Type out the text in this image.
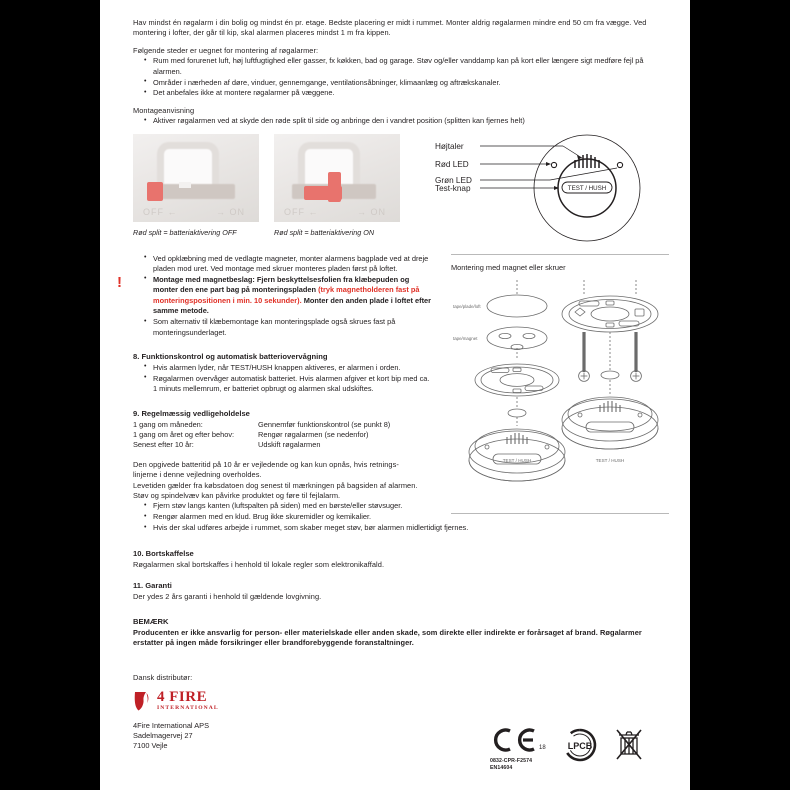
Hav mindst én røgalarm i din bolig og mindst én pr. etage. Bedste placering er midt i rummet. Monter aldrig røgalarmen mindre end 50 cm fra vægge. Ved montering i lofter, der går til kip, skal alarmen placeres mindst 1 m fra kippen.

Følgende steder er uegnet for montering af røgalarmer:

• Rum med forurenet luft, høj luftfugtighed eller gasser, fx køkken, bad og garage. Støv og/eller vanddamp kan på kort eller længere sigt medføre fejl på alarmen.
• Områder i nærheden af døre, vinduer, gennemgange, ventilationsåbninger, klimaanlæg og aftrækskanaler.
• Det anbefales ikke at montere røgalarmer på væggene.

Montageanvisning

• Aktiver røgalarmen ved at skyde den røde split til side og anbringe den i vandret position (splitten kan fjernes helt)
OFF ←	→ ON
Rød split = batteriaktivering OFF
OFF ←	→ ON
Rød split = batteriaktivering ON
TEST / HUSH
Højtaler
Rød LED
Grøn LED
Test-knap
!
• Ved opklæbning med de vedlagte magneter, monter alarmens bagplade ved at dreje pladen mod uret. Ved montage med skruer monteres pladen først på loftet.
• Montage med magnetbeslag: Fjern beskyttelsesfolien fra klæbepuden og monter den ene part bag på monteringspladen (tryk magnetholderen fast på monteringspositionen i min. 10 sekunder). Monter den anden plade i loftet efter samme metode.
• Som alternativ til klæbemontage kan monteringsplade også skrues fast på monteringsunderlaget.

8. Funktionskontrol og automatisk batteriovervågning

• Hvis alarmen lyder, når TEST/HUSH knappen aktiveres, er alarmen i orden.
• Røgalarmen overvåger automatisk batteriet. Hvis alarmen afgiver et kort bip med ca. 1 minuts mellemrum, er batteriet opbrugt og alarmen skal udskiftes.

9. Regelmæssig vedligeholdelse

1 gang om måneden:	Gennemfør funktionskontrol (se punkt 8)
1 gang om året og efter behov:	Rengør røgalarmen (se nedenfor)
Senest efter 10 år:	Udskift røgalarmen
Montering med magnet eller skruer
TEST / HUSH
TEST / HUSH
tape/plade/loft
tape/magnet
Den opgivede batteritid på 10 år er vejledende og kan kun opnås, hvis retnings-
linjerne i denne vejledning overholdes.
Levetiden gælder fra købsdatoen dog senest til mærkningen på bagsiden af alarmen.
Støv og spindelvæv kan påvirke produktet og føre til fejlalarm.
• Fjern støv langs kanten (luftspalten på siden) med en børste/eller støvsuger.
• Rengør alarmen med en klud. Brug ikke skuremidler og kemikalier.
• Hvis der skal udføres arbejde i rummet, som skaber meget støv, bør alarmen midlertidigt fjernes.

10. Bortskaffelse

Røgalarmen skal bortskaffes i henhold til lokale regler som elektronikaffald.

11. Garanti

Der ydes 2 års garanti i henhold til gældende lovgivning.

BEMÆRK

Producenten er ikke ansvarlig for person- eller materielskade eller anden skade, som direkte eller indirekte er forårsaget af brand. Røgalarmer erstatter på ingen måde forsikringer eller brandforebyggende foranstaltninger.

Dansk distributør:

4 FIRE
INTERNATIONAL
4Fire International APS
Sadelmagervej 27
7100 Vejle	18
0832-CPR-F2574
EN14604
LPCB
